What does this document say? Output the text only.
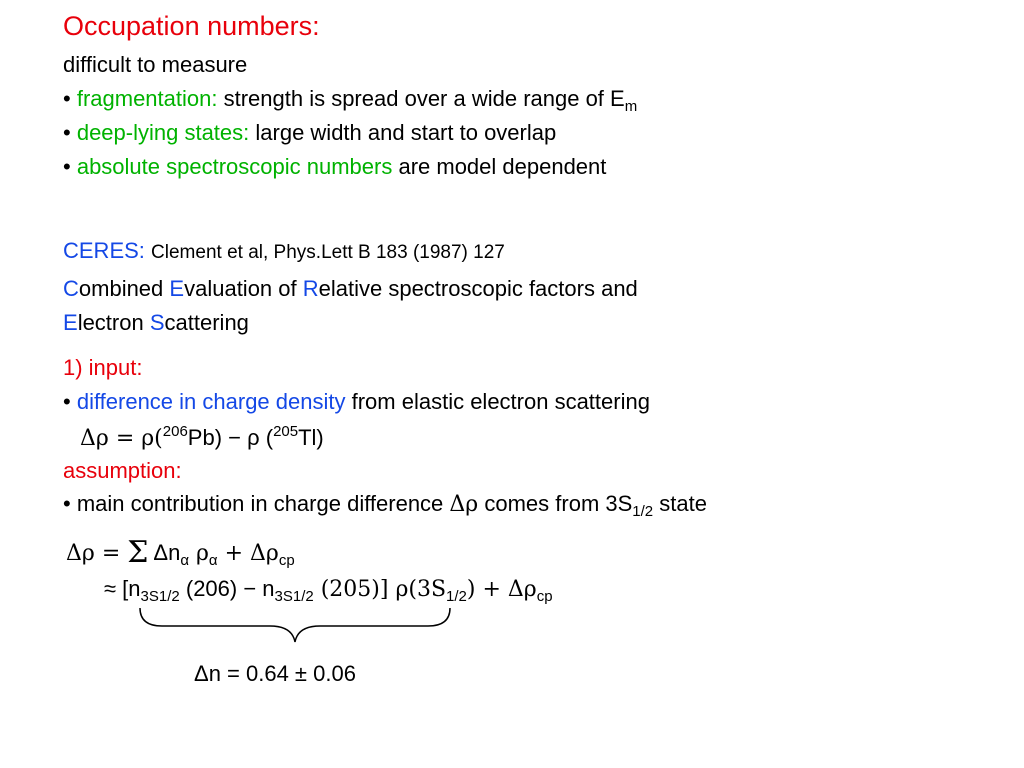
Occupation numbers:
difficult to measure
• fragmentation: strength is spread over a wide range of $E_m$
• deep-lying states: large width and start to overlap
• absolute spectroscopic numbers are model dependent
CERES: Clement et al, Phys.Lett B 183 (1987) 127
Combined Evaluation of Relative spectroscopic factors and
Electron Scattering
1) input:
• difference in charge density from elastic electron scattering
Δρ = ρ($^{206}$Pb) − ρ ($^{205}$Tl)
assumption:
• main contribution in charge difference Δρ comes from $3S_{1/2}$ state
Δρ = Σ $\Delta n_\alpha$ $\rho_\alpha + \Delta\rho_{cp}$
≈ [$n_{3S1/2}$ $(206) - n_{3S1/2}$ (205)] $\rho(3S_{1/2}) + \Delta\rho_{cp}$
Δn = 0.64 ± 0.06
